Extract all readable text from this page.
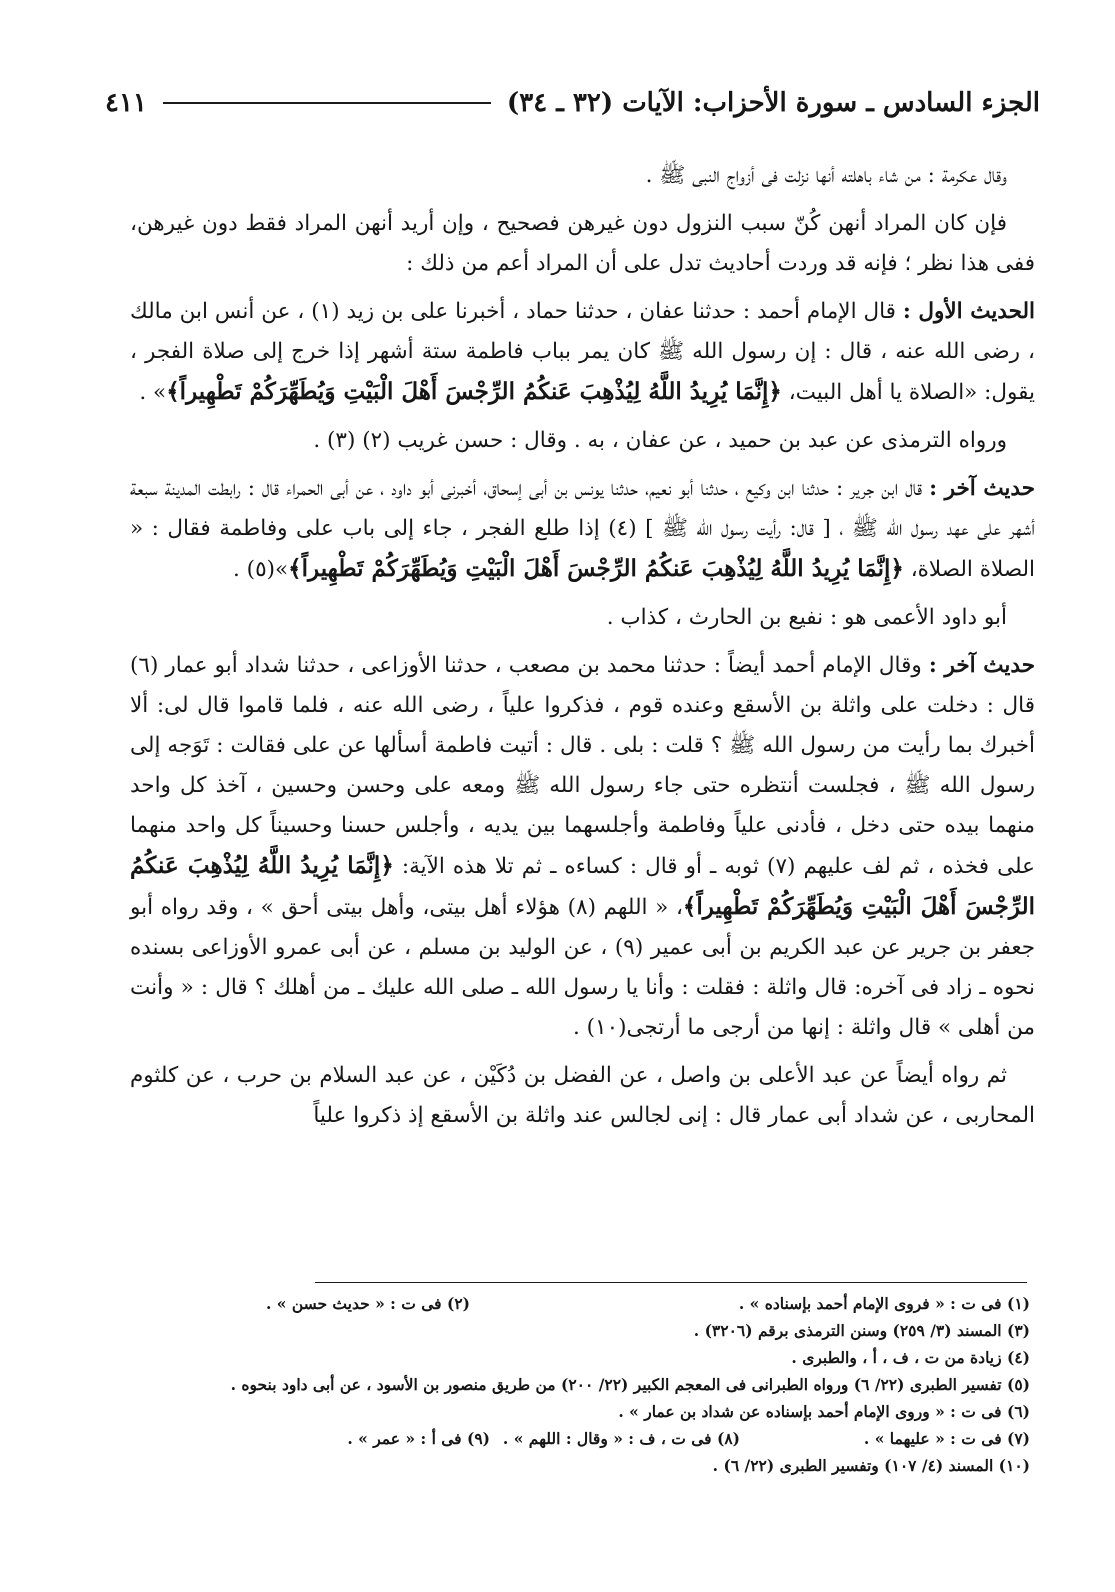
الجزء السادس ـ سورة الأحزاب: الآيات (٣٢ ـ ٣٤)
٤١١

وقال عكرمة : من شاء باهلته أنها نزلت فى أزواج النبى ﷺ .

فإن كان المراد أنهن كُنّ سبب النزول دون غيرهن فصحيح ، وإن أريد أنهن المراد فقط دون غيرهن، ففى هذا نظر ؛ فإنه قد وردت أحاديث تدل على أن المراد أعم من ذلك :

الحديث الأول : قال الإمام أحمد : حدثنا عفان ، حدثنا حماد ، أخبرنا على بن زيد (١) ، عن أنس ابن مالك ، رضى الله عنه ، قال : إن رسول الله ﷺ كان يمر بباب فاطمة ستة أشهر إذا خرج إلى صلاة الفجر ، يقول: «الصلاة يا أهل البيت، ﴿إِنَّمَا يُرِيدُ اللَّهُ لِيُذْهِبَ عَنكُمُ الرِّجْسَ أَهْلَ الْبَيْتِ وَيُطَهِّرَكُمْ تَطْهِيراً﴾» .

ورواه الترمذى عن عبد بن حميد ، عن عفان ، به . وقال : حسن غريب (٢) (٣) .

حديث آخر : قال ابن جرير : حدثنا ابن وكيع ، حدثنا أبو نعيم، حدثنا يونس بن أبى إسحاق، أخبرنى أبو داود ، عن أبى الحمراء قال : رابطت المدينة سبعة أشهر على عهد رسول الله ﷺ ، [ قال: رأيت رسول الله ﷺ ] (٤) إذا طلع الفجر ، جاء إلى باب على وفاطمة فقال : « الصلاة الصلاة، ﴿إِنَّمَا يُرِيدُ اللَّهُ لِيُذْهِبَ عَنكُمُ الرِّجْسَ أَهْلَ الْبَيْتِ وَيُطَهِّرَكُمْ تَطْهِيراً﴾»(٥) .

أبو داود الأعمى هو : نفيع بن الحارث ، كذاب .

حديث آخر : وقال الإمام أحمد أيضاً : حدثنا محمد بن مصعب ، حدثنا الأوزاعى ، حدثنا شداد أبو عمار (٦) قال : دخلت على واثلة بن الأسقع وعنده قوم ، فذكروا علياً ، رضى الله عنه ، فلما قاموا قال لى: ألا أخبرك بما رأيت من رسول الله ﷺ ؟ قلت : بلى . قال : أتيت فاطمة أسألها عن على فقالت : تَوَجه إلى رسول الله ﷺ ، فجلست أنتظره حتى جاء رسول الله ﷺ ومعه على وحسن وحسين ، آخذ كل واحد منهما بيده حتى دخل ، فأدنى علياً وفاطمة وأجلسهما بين يديه ، وأجلس حسنا وحسيناً كل واحد منهما على فخذه ، ثم لف عليهم (٧) ثوبه ـ أو قال : كساءه ـ ثم تلا هذه الآية: ﴿إِنَّمَا يُرِيدُ اللَّهُ لِيُذْهِبَ عَنكُمُ الرِّجْسَ أَهْلَ الْبَيْتِ وَيُطَهِّرَكُمْ تَطْهِيراً﴾، « اللهم (٨) هؤلاء أهل بيتى، وأهل بيتى أحق » ، وقد رواه أبو جعفر بن جرير عن عبد الكريم بن أبى عمير (٩) ، عن الوليد بن مسلم ، عن أبى عمرو الأوزاعى بسنده نحوه ـ زاد فى آخره: قال واثلة : فقلت : وأنا يا رسول الله ـ صلى الله عليك ـ من أهلك ؟ قال : « وأنت من أهلى » قال واثلة : إنها من أرجى ما أرتجى(١٠) .

ثم رواه أيضاً عن عبد الأعلى بن واصل ، عن الفضل بن دُكَيْن ، عن عبد السلام بن حرب ، عن كلثوم المحاربى ، عن شداد أبى عمار قال : إنى لجالس عند واثلة بن الأسقع إذ ذكروا علياً

(١) فى ت : « فروى الإمام أحمد بإسناده » .
(٢) فى ت : « حديث حسن » .
(٣) المسند (٣/ ٢٥٩) وسنن الترمذى برقم (٣٢٠٦) .
(٤) زيادة من ت ، ف ، أ ، والطبرى .
(٥) تفسير الطبرى (٢٢/ ٦) ورواه الطبرانى فى المعجم الكبير (٢٢/ ٢٠٠) من طريق منصور بن الأسود ، عن أبى داود بنحوه .
(٦) فى ت : « وروى الإمام أحمد بإسناده عن شداد بن عمار » .
(٧) فى ت : « عليهما » .
(٨) فى ت ، ف : « وقال : اللهم » .
(٩) فى أ : « عمر » .
(١٠) المسند (٤/ ١٠٧) وتفسير الطبرى (٢٢/ ٦) .
